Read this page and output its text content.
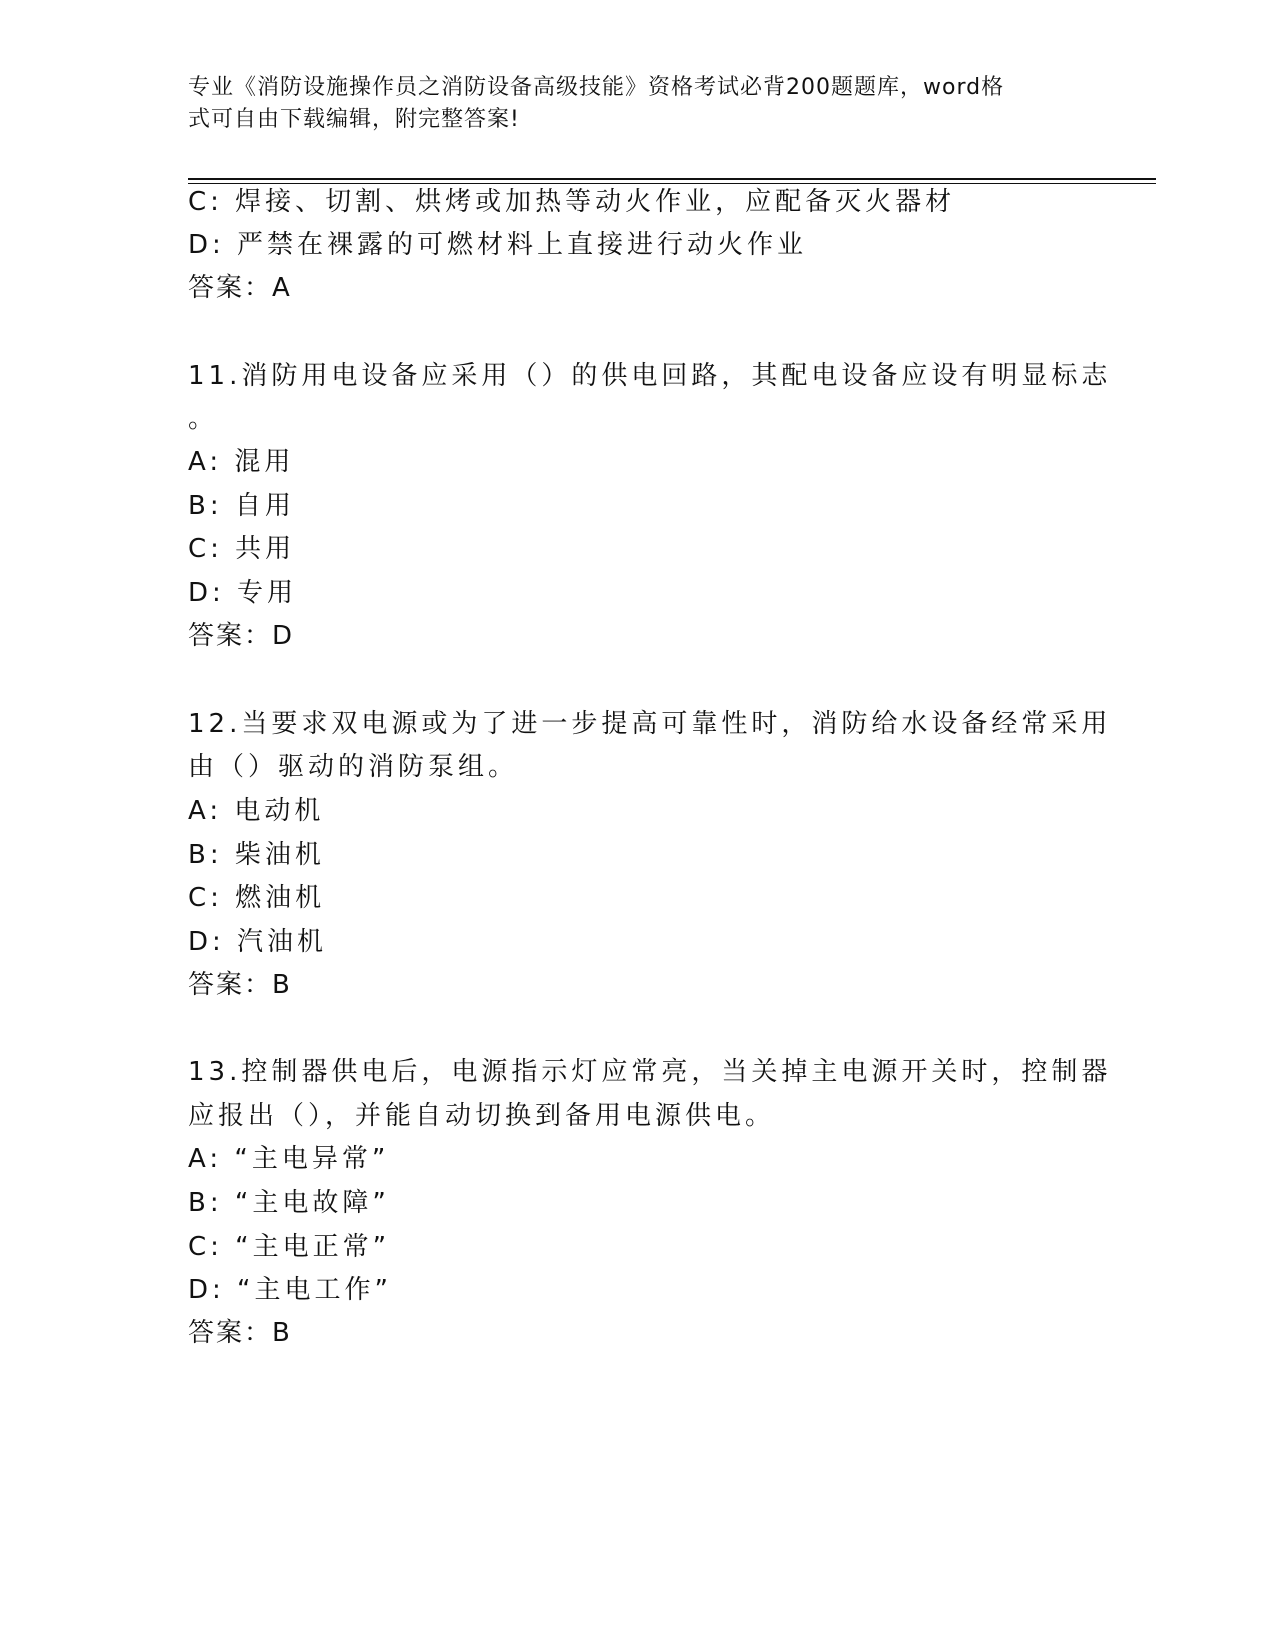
专业《消防设施操作员之消防设备高级技能》资格考试必背200题题库，word格
式可自由下载编辑，附完整答案!
C: 焊接、切割、烘烤或加热等动火作业，应配备灭火器材
D: 严禁在裸露的可燃材料上直接进行动火作业
答案：A
11.消防用电设备应采用（）的供电回路，其配电设备应设有明显标志
。
A: 混用
B: 自用
C: 共用
D: 专用
答案：D
12.当要求双电源或为了进一步提高可靠性时，消防给水设备经常采用
由（）驱动的消防泵组。
A: 电动机
B: 柴油机
C: 燃油机
D: 汽油机
答案：B
13.控制器供电后，电源指示灯应常亮，当关掉主电源开关时，控制器
应报出（），并能自动切换到备用电源供电。
A: “主电异常”
B: “主电故障”
C: “主电正常”
D: “主电工作”
答案：B
